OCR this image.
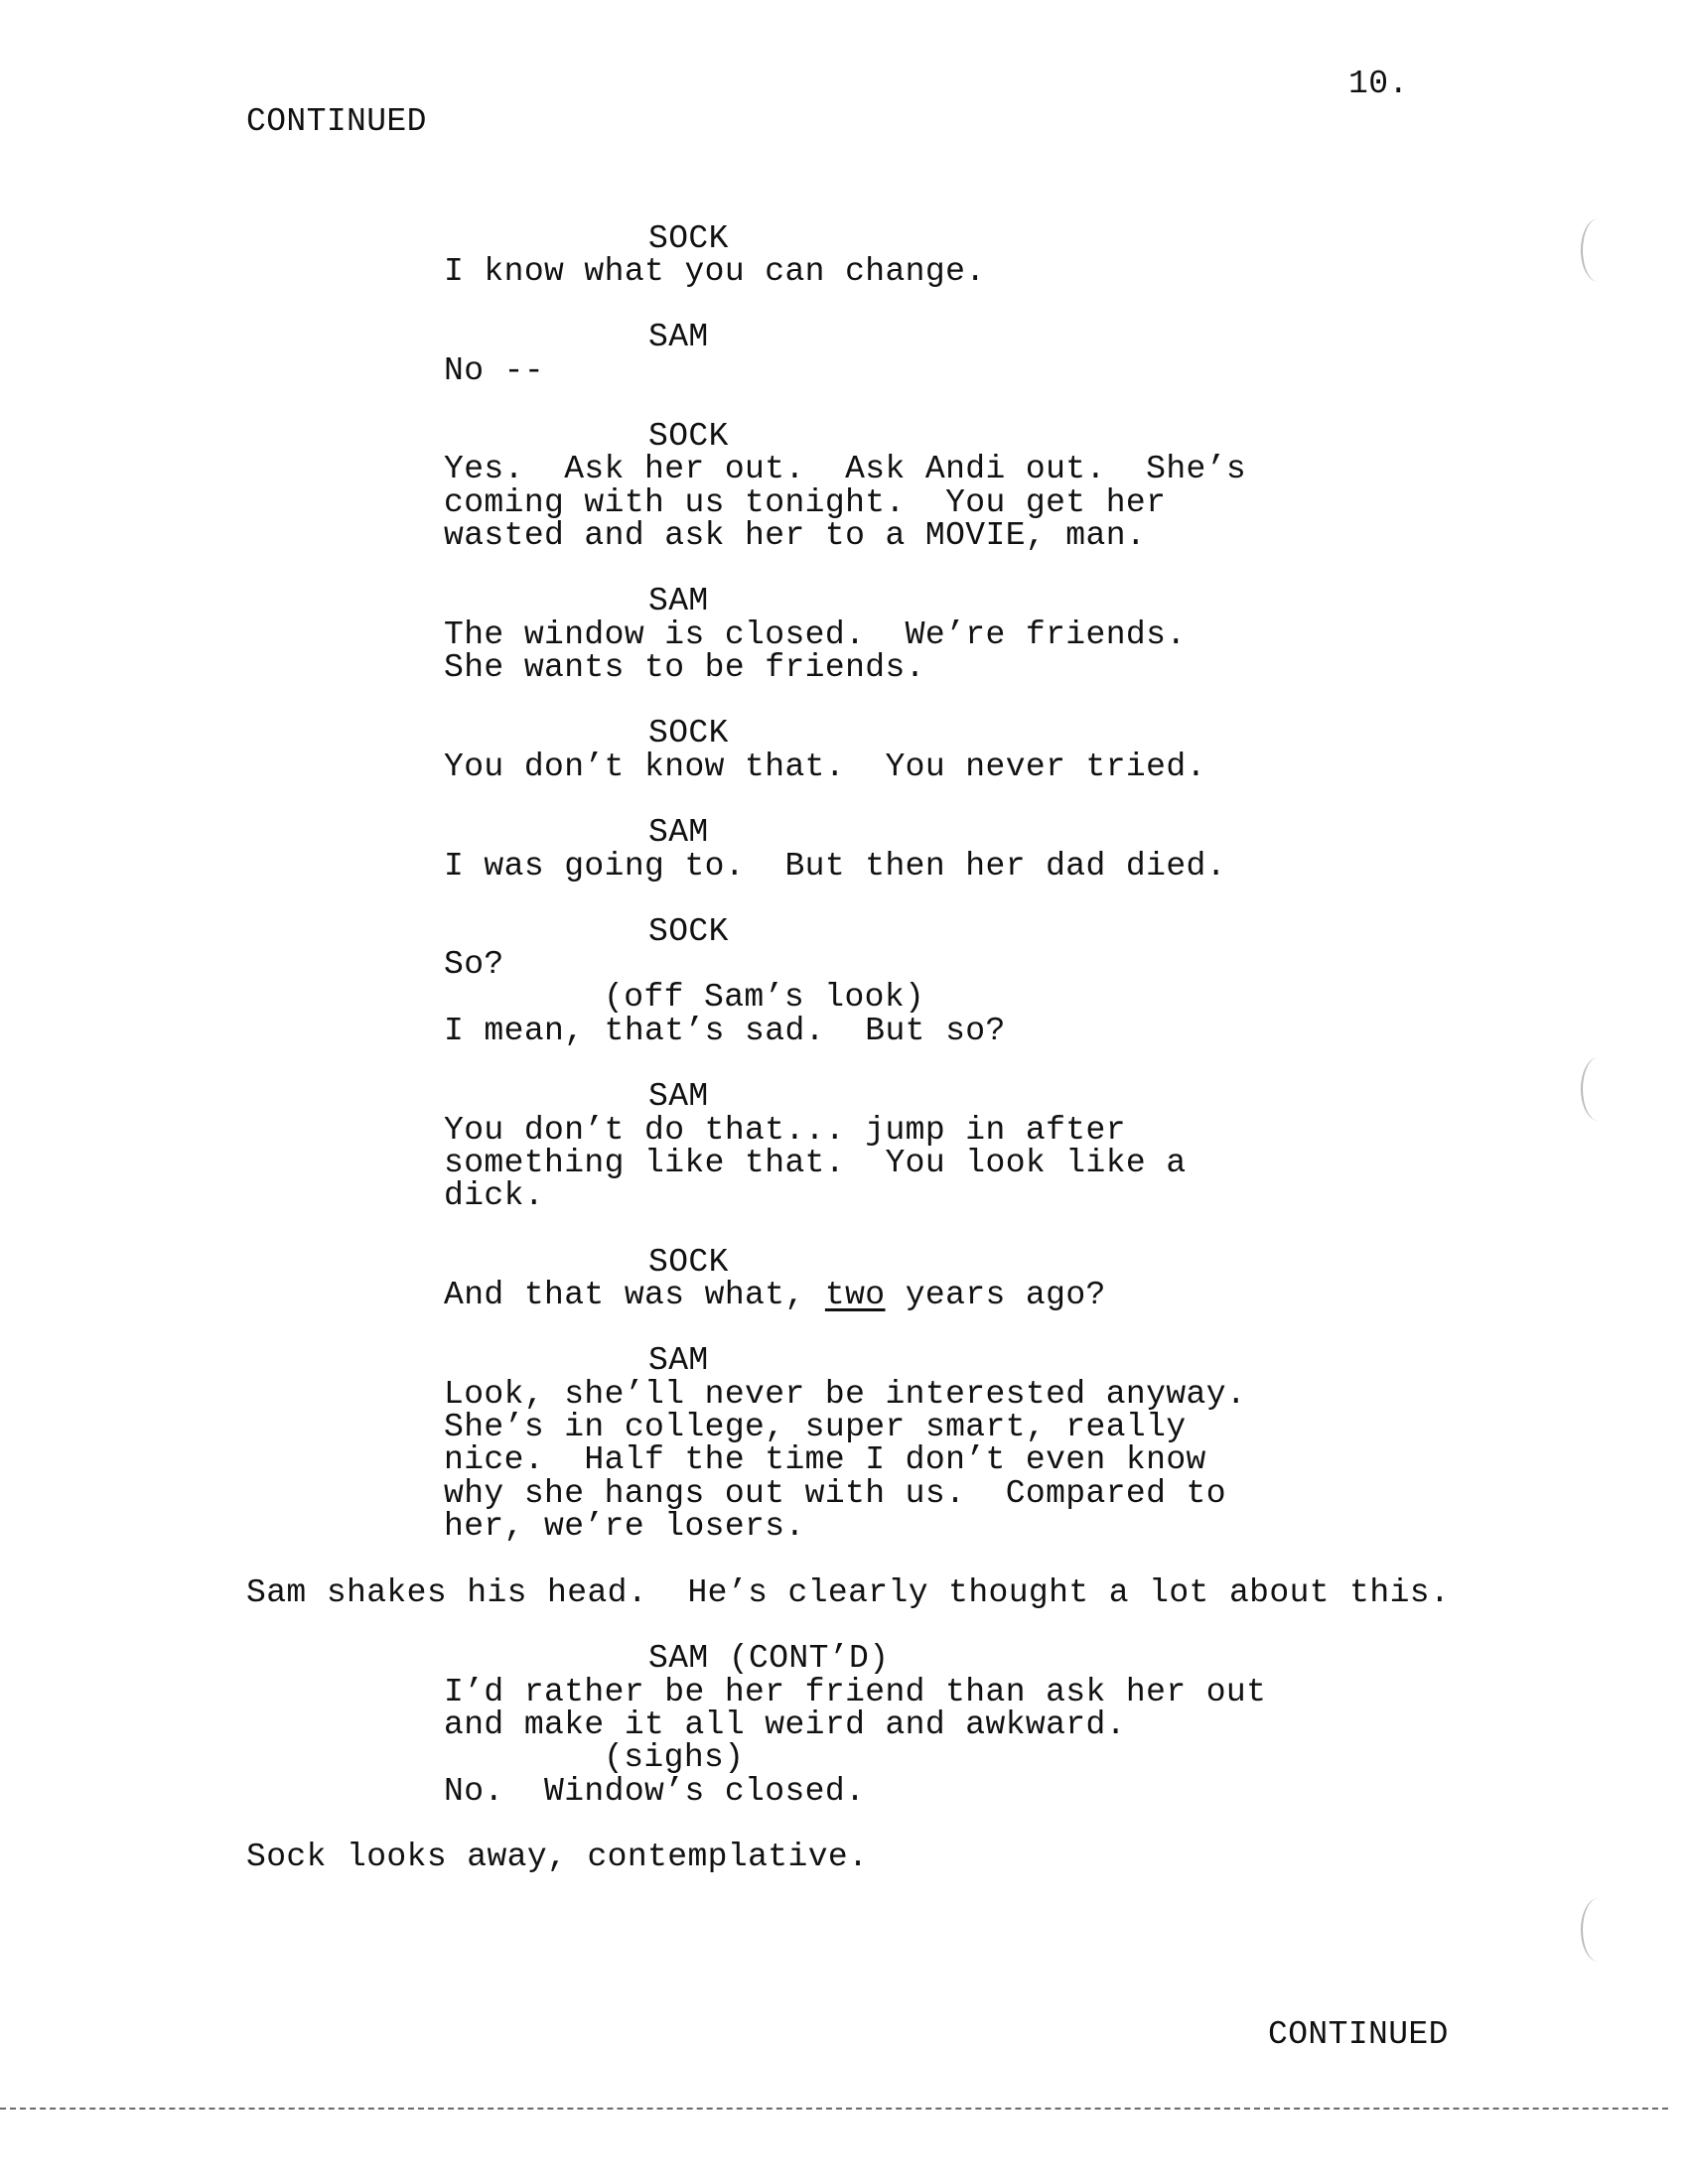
10.
CONTINUED
SOCK
I know what you can change.
SAM
No --
SOCK
Yes.  Ask her out.  Ask Andi out.  She’s
coming with us tonight.  You get her
wasted and ask her to a MOVIE, man.
SAM
The window is closed.  We’re friends.
She wants to be friends.
SOCK
You don’t know that.  You never tried.
SAM
I was going to.  But then her dad died.
SOCK
So?
(off Sam’s look)
I mean, that’s sad.  But so?
SAM
You don’t do that... jump in after
something like that.  You look like a
dick.
SOCK
And that was what, two years ago?
SAM
Look, she’ll never be interested anyway.
She’s in college, super smart, really
nice.  Half the time I don’t even know
why she hangs out with us.  Compared to
her, we’re losers.
Sam shakes his head.  He’s clearly thought a lot about this.
SAM (CONT’D)
I’d rather be her friend than ask her out
and make it all weird and awkward.
(sighs)
No.  Window’s closed.
Sock looks away, contemplative.
CONTINUED
